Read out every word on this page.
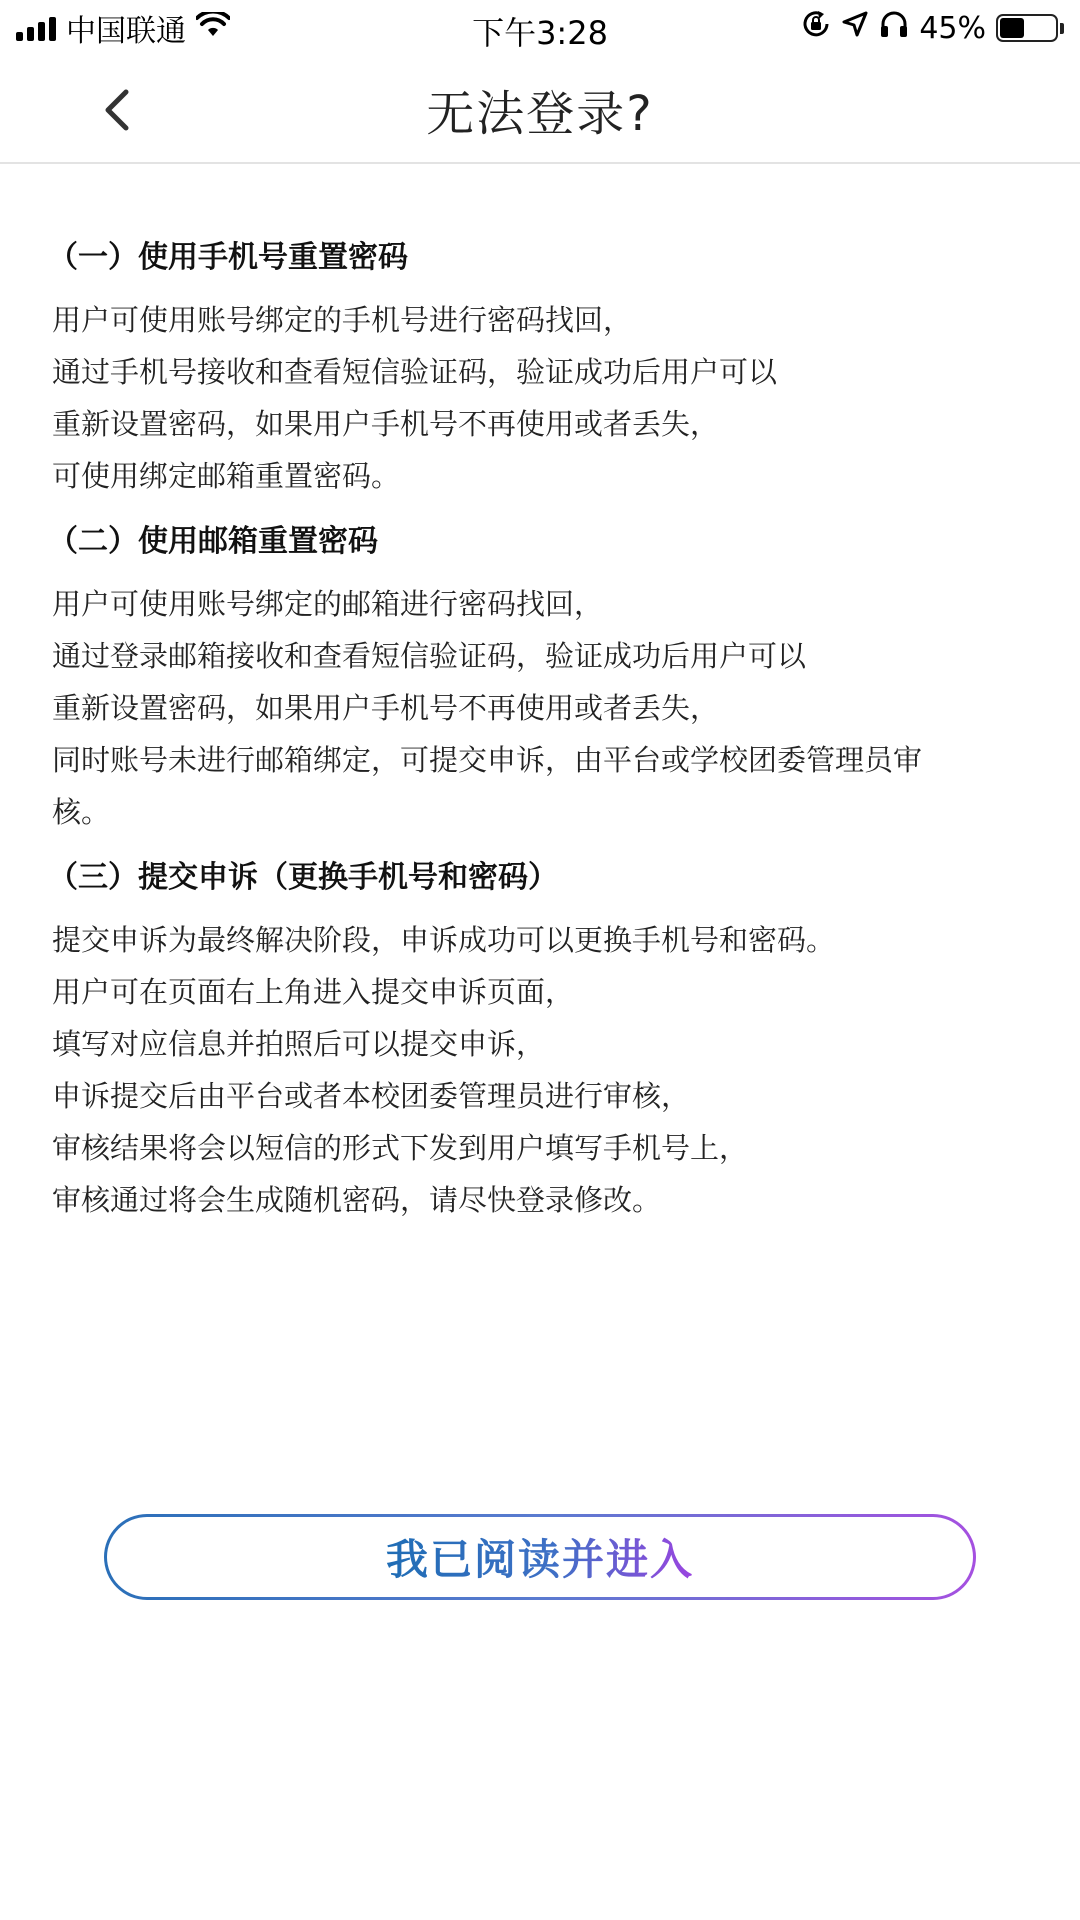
中国联通	下午3:28	45%
无法登录?
（一）使用手机号重置密码
用户可使用账号绑定的手机号进行密码找回，
通过手机号接收和查看短信验证码，验证成功后用户可以
重新设置密码，如果用户手机号不再使用或者丢失，
可使用绑定邮箱重置密码。
（二）使用邮箱重置密码
用户可使用账号绑定的邮箱进行密码找回，
通过登录邮箱接收和查看短信验证码，验证成功后用户可以
重新设置密码，如果用户手机号不再使用或者丢失，
同时账号未进行邮箱绑定，可提交申诉，由平台或学校团委管理员审
核。
（三）提交申诉（更换手机号和密码）
提交申诉为最终解决阶段，申诉成功可以更换手机号和密码。
用户可在页面右上角进入提交申诉页面，
填写对应信息并拍照后可以提交申诉，
申诉提交后由平台或者本校团委管理员进行审核，
审核结果将会以短信的形式下发到用户填写手机号上，
审核通过将会生成随机密码，请尽快登录修改。
我已阅读并进入
